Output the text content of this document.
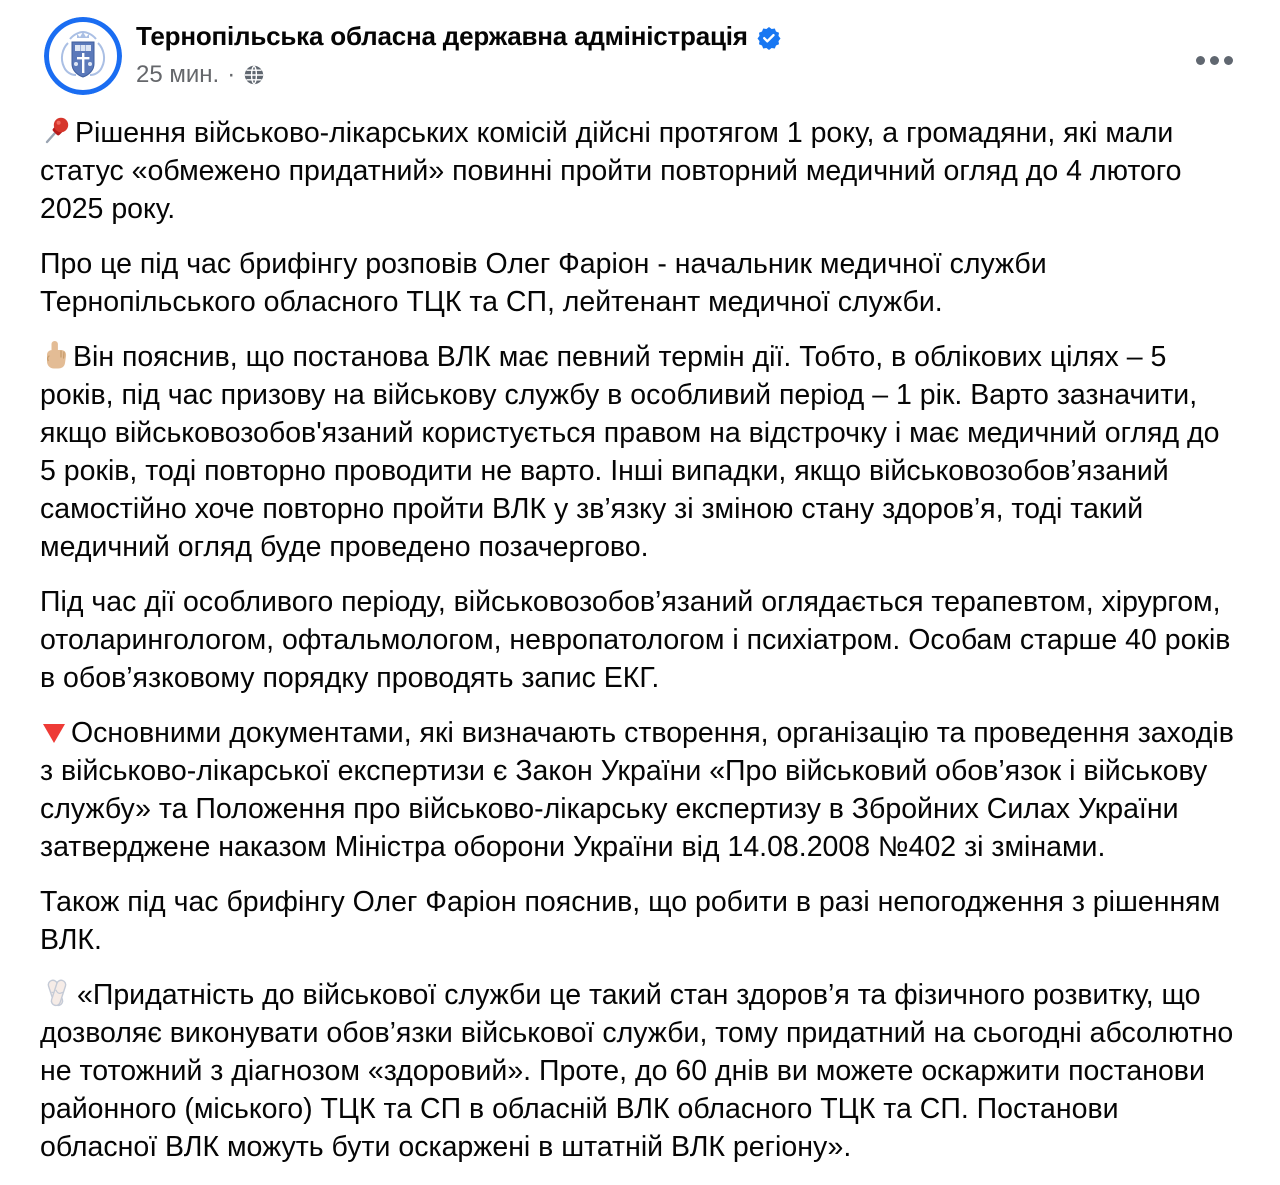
Тернопільська обласна державна адміністрація
25 мин. ·

Рішення військово-лікарських комісій дійсні протягом 1 року, а громадяни, які мали статус «обмежено придатний» повинні пройти повторний медичний огляд до 4 лютого 2025 року.

Про це під час брифінгу розповів Олег Фаріон - начальник медичної служби Тернопільського обласного ТЦК та СП, лейтенант медичної служби.

Він пояснив, що постанова ВЛК має певний термін дії. Тобто, в облікових цілях – 5 років, під час призову на військову службу в особливий період – 1 рік. Варто зазначити, якщо військовозобов'язаний користується правом на відстрочку і має медичний огляд до 5 років, тоді повторно проводити не варто. Інші випадки, якщо військовозобов’язаний самостійно хоче повторно пройти ВЛК у зв’язку зі зміною стану здоров’я, тоді такий медичний огляд буде проведено позачергово.

Під час дії особливого періоду, військовозобов’язаний оглядається терапевтом, хірургом, отоларингологом, офтальмологом, невропатологом і психіатром. Особам старше 40 років в обов’язковому порядку проводять запис ЕКГ.

Основними документами, які визначають створення, організацію та проведення заходів з військово-лікарської експертизи є Закон України «Про військовий обов’язок і військову службу» та Положення про військово-лікарську експертизу в Збройних Силах України затверджене наказом Міністра оборони України від 14.08.2008 №402 зі змінами.

Також під час брифінгу Олег Фаріон пояснив, що робити в разі непогодження з рішенням ВЛК.

«Придатність до військової служби це такий стан здоров’я та фізичного розвитку, що дозволяє виконувати обов’язки військової служби, тому придатний на сьогодні абсолютно не тотожний з діагнозом «здоровий». Проте, до 60 днів ви можете оскаржити постанови районного (міського) ТЦК та СП в обласній ВЛК обласного ТЦК та СП. Постанови обласної ВЛК можуть бути оскаржені в штатній ВЛК регіону».
